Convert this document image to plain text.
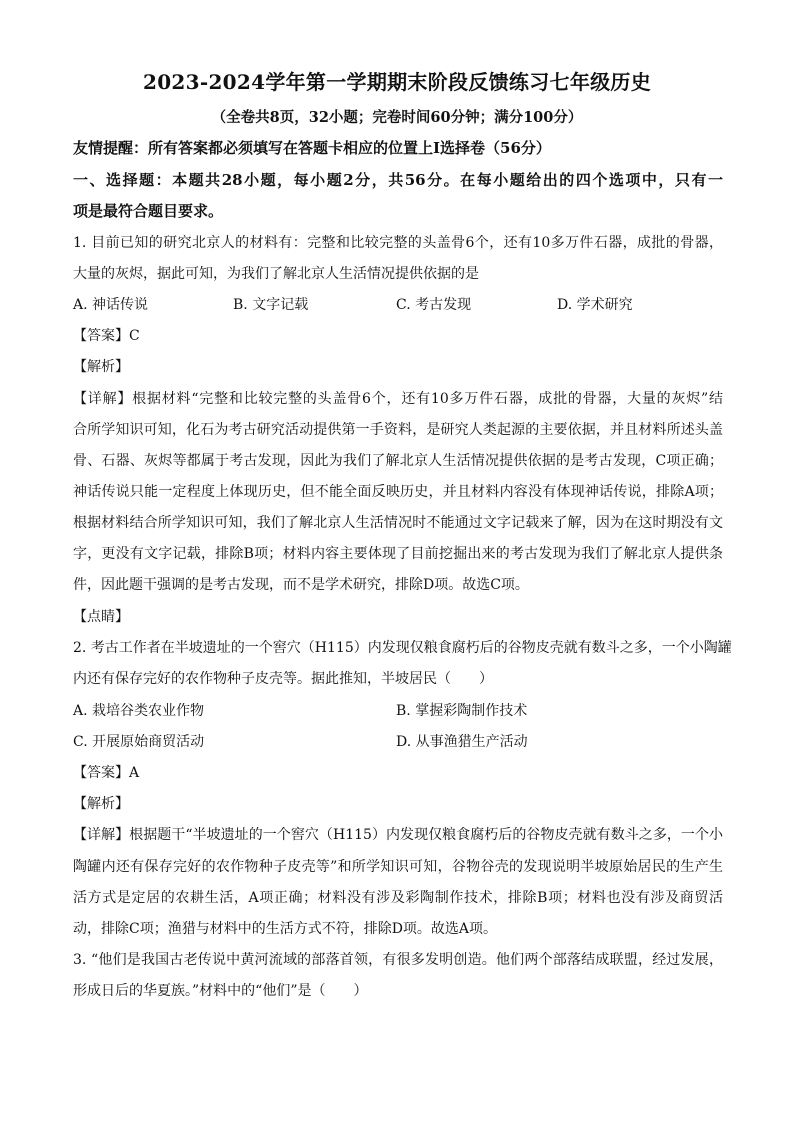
2023-2024学年第一学期期末阶段反馈练习七年级历史
（全卷共8页，32小题；完卷时间60分钟；满分100分）
友情提醒：所有答案都必须填写在答题卡相应的位置上Ⅰ选择卷（56分）
一、选择题：本题共28小题，每小题2分，共56分。在每小题给出的四个选项中，只有一
项是最符合题目要求。
1. 目前已知的研究北京人的材料有：完整和比较完整的头盖骨6个，还有10多万件石器，成批的骨器，
大量的灰烬，据此可知，为我们了解北京人生活情况提供依据的是
A. 神话传说	B. 文字记载	C. 考古发现	D. 学术研究
【答案】C
【解析】
【详解】根据材料“完整和比较完整的头盖骨6个，还有10多万件石器，成批的骨器，大量的灰烬”结
合所学知识可知，化石为考古研究活动提供第一手资料，是研究人类起源的主要依据，并且材料所述头盖
骨、石器、灰烬等都属于考古发现，因此为我们了解北京人生活情况提供依据的是考古发现，C项正确；
神话传说只能一定程度上体现历史，但不能全面反映历史，并且材料内容没有体现神话传说，排除A项；
根据材料结合所学知识可知，我们了解北京人生活情况时不能通过文字记载来了解，因为在这时期没有文
字，更没有文字记载，排除B项；材料内容主要体现了目前挖掘出来的考古发现为我们了解北京人提供条
件，因此题干强调的是考古发现，而不是学术研究，排除D项。故选C项。
【点睛】
2. 考古工作者在半坡遗址的一个窖穴（H115）内发现仅粮食腐朽后的谷物皮壳就有数斗之多，一个小陶罐
内还有保存完好的农作物种子皮壳等。据此推知，半坡居民（　　）
A. 栽培谷类农业作物	B. 掌握彩陶制作技术
C. 开展原始商贸活动	D. 从事渔猎生产活动
【答案】A
【解析】
【详解】根据题干“半坡遗址的一个窖穴（H115）内发现仅粮食腐朽后的谷物皮壳就有数斗之多，一个小
陶罐内还有保存完好的农作物种子皮壳等”和所学知识可知，谷物谷壳的发现说明半坡原始居民的生产生
活方式是定居的农耕生活，A项正确；材料没有涉及彩陶制作技术，排除B项；材料也没有涉及商贸活
动，排除C项；渔猎与材料中的生活方式不符，排除D项。故选A项。
3. “他们是我国古老传说中黄河流域的部落首领，有很多发明创造。他们两个部落结成联盟，经过发展，
形成日后的华夏族。”材料中的“他们”是（　　）
